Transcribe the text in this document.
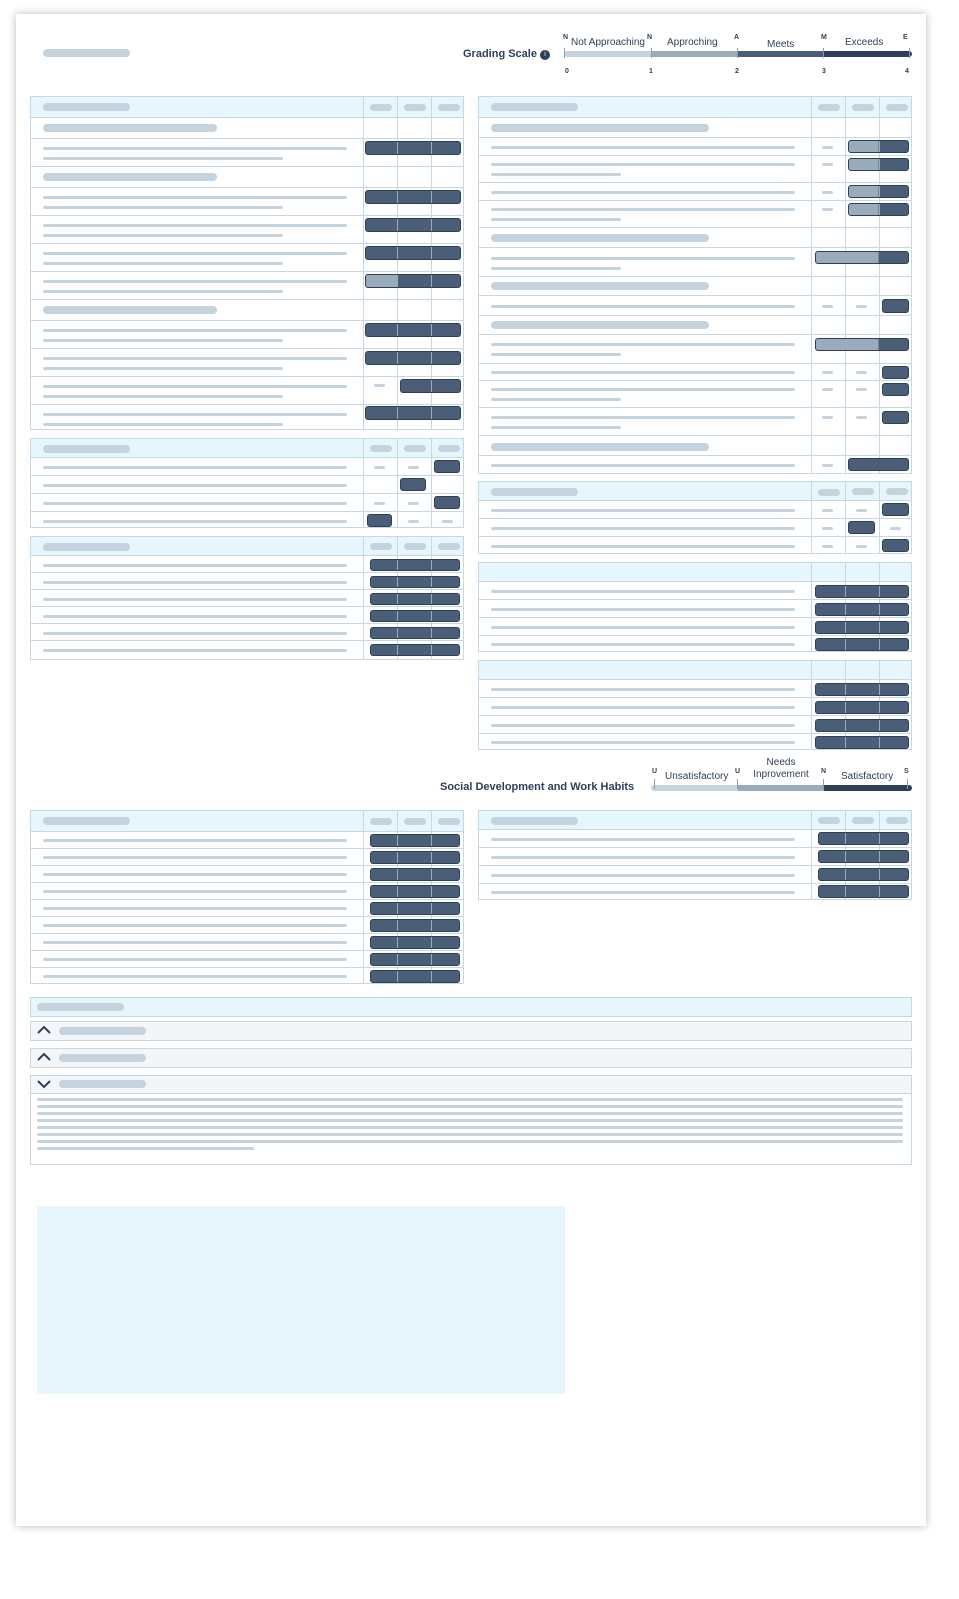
Grading Scale	i
N	N	A	M	E
Not Approaching Approching	Meets	Exceeds
0	1	2	3	4
Social Development and Work Habits
U	U	N	S
Unsatisfactory
Needs Inprovement	Satisfactory
